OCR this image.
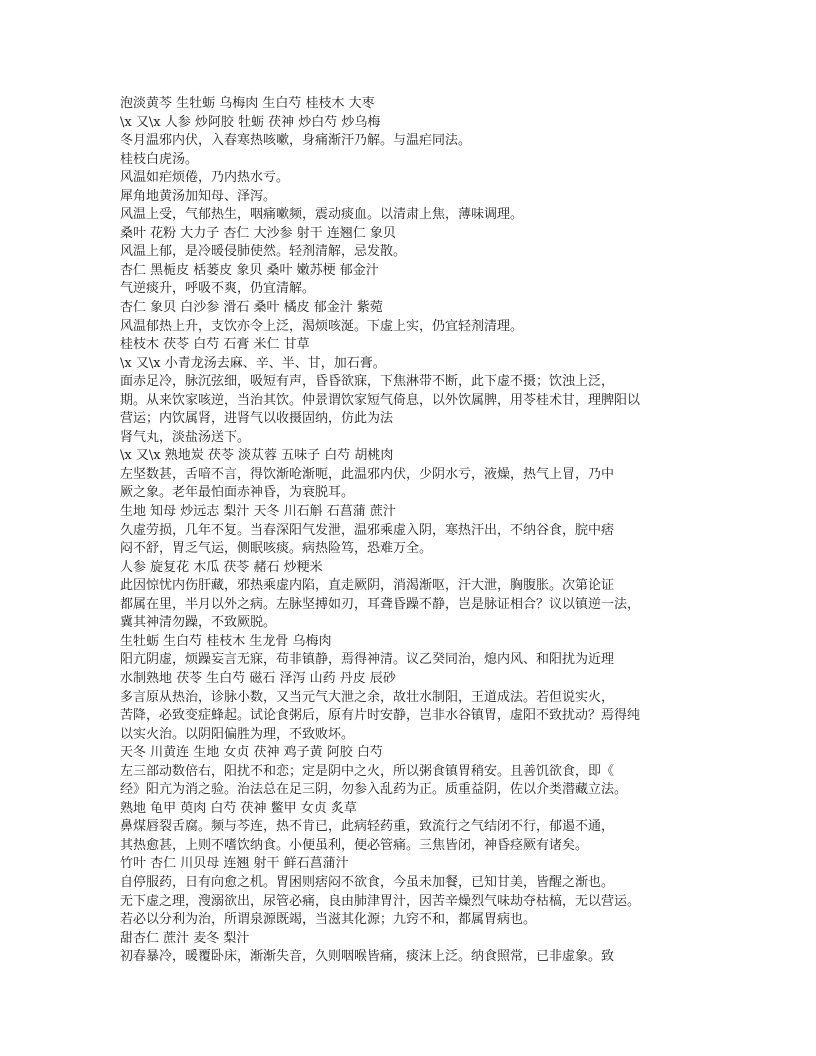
泡淡黄芩 生牡蛎 乌梅肉 生白芍 桂枝木 大枣
\x 又\x 人参 炒阿胶 牡蛎 茯神 炒白芍 炒乌梅
冬月温邪内伏，入春寒热咳嗽，身痛渐汗乃解。与温疟同法。
桂枝白虎汤。
风温如疟烦倦，乃内热水亏。
犀角地黄汤加知母、泽泻。
风温上受，气郁热生，咽痛嗽频，震动痰血。以清肃上焦，薄味调理。
桑叶 花粉 大力子 杏仁 大沙参 射干 连翘仁 象贝
风温上郁，是冷暖侵肺使然。轻剂清解，忌发散。
杏仁 黑栀皮 栝蒌皮 象贝 桑叶 嫩苏梗 郁金汁
气逆痰升，呼吸不爽，仍宜清解。
杏仁 象贝 白沙参 滑石 桑叶 橘皮 郁金汁 紫菀
风温郁热上升，支饮亦令上泛，渴烦咳涎。下虚上实，仍宜轻剂清理。
桂枝木 茯苓 白芍 石膏 米仁 甘草
\x 又\x 小青龙汤去麻、辛、半、甘，加石膏。
面赤足冷，脉沉弦细，吸短有声，昏昏欲寐，下焦淋带不断，此下虚不摄；饮浊上泛，
期。从来饮家咳逆，当治其饮。仲景谓饮家短气倚息，以外饮属脾，用苓桂术甘，理脾阳以
营运；内饮属肾，进肾气以收摄固纳，仿此为法
肾气丸，淡盐汤送下。
\x 又\x 熟地炭 茯苓 淡苁蓉 五味子 白芍 胡桃肉
左坚数甚，舌喑不言，得饮渐呛渐呃，此温邪内伏，少阴水亏，液燥，热气上冒，乃中
厥之象。老年最怕面赤神昏，为衰脱耳。
生地 知母 炒远志 梨汁 天冬 川石斛 石菖蒲 蔗汁
久虚劳损，几年不复。当春深阳气发泄，温邪乘虚入阴，寒热汗出，不纳谷食，脘中痞
闷不舒，胃乏气运，侧眠咳痰。病热险笃，恐难万全。
人参 旋复花 木瓜 茯苓 赭石 炒粳米
此因惊忧内伤肝藏，邪热乘虚内陷，直走厥阴，消渴渐呕，汗大泄，胸腹胀。次第论证
都属在里，半月以外之病。左脉坚搏如刃，耳聋昏躁不静，岂是脉证相合？议以镇逆一法，
冀其神清勿躁，不致厥脱。
生牡蛎 生白芍 桂枝木 生龙骨 乌梅肉
阳亢阴虚，烦躁妄言无寐，苟非镇静，焉得神清。议乙癸同治，熄内风、和阳扰为近理
水制熟地 茯苓 生白芍 磁石 泽泻 山药 丹皮 辰砂
多言原从热治，诊脉小数，又当元气大泄之余，故壮水制阳，王道成法。若但说实火，
苦降，必致变症蜂起。试论食粥后，原有片时安静，岂非水谷镇胃，虚阳不致扰动？焉得纯
以实火治。以阴阳偏胜为理，不致败坏。
天冬 川黄连 生地 女贞 茯神 鸡子黄 阿胶 白芍
左三部动数倍右，阳扰不和恋；定是阴中之火，所以粥食镇胃稍安。且善饥欲食，即《
经》阳亢为消之验。治法总在足三阴，勿参入乱药为正。质重益阴，佐以介类潜藏立法。
熟地 龟甲 萸肉 白芍 茯神 鳖甲 女贞 炙草
鼻煤唇裂舌腐。频与芩连，热不肯已，此病轻药重，致流行之气结闭不行，郁遏不通，
其热愈甚，上则不嗜饮纳食。小便虽利，便必管痛。三焦皆闭，神昏痉厥有诸矣。
竹叶 杏仁 川贝母 连翘 射干 鲜石菖蒲汁
自停服药，日有向愈之机。胃困则痞闷不欲食，今虽未加餐，已知甘美，皆醒之渐也。
无下虚之理，溲溺欲出，尿管必痛，良由肺津胃汁，因苦辛燥烈气味劫夺枯槁，无以营运。
若必以分利为治，所谓泉源既竭，当滋其化源；九窍不和，都属胃病也。
甜杏仁 蔗汁 麦冬 梨汁
初春暴冷，暖覆卧床，渐渐失音，久则咽喉皆痛，痰沫上泛。纳食照常，已非虚象。致
